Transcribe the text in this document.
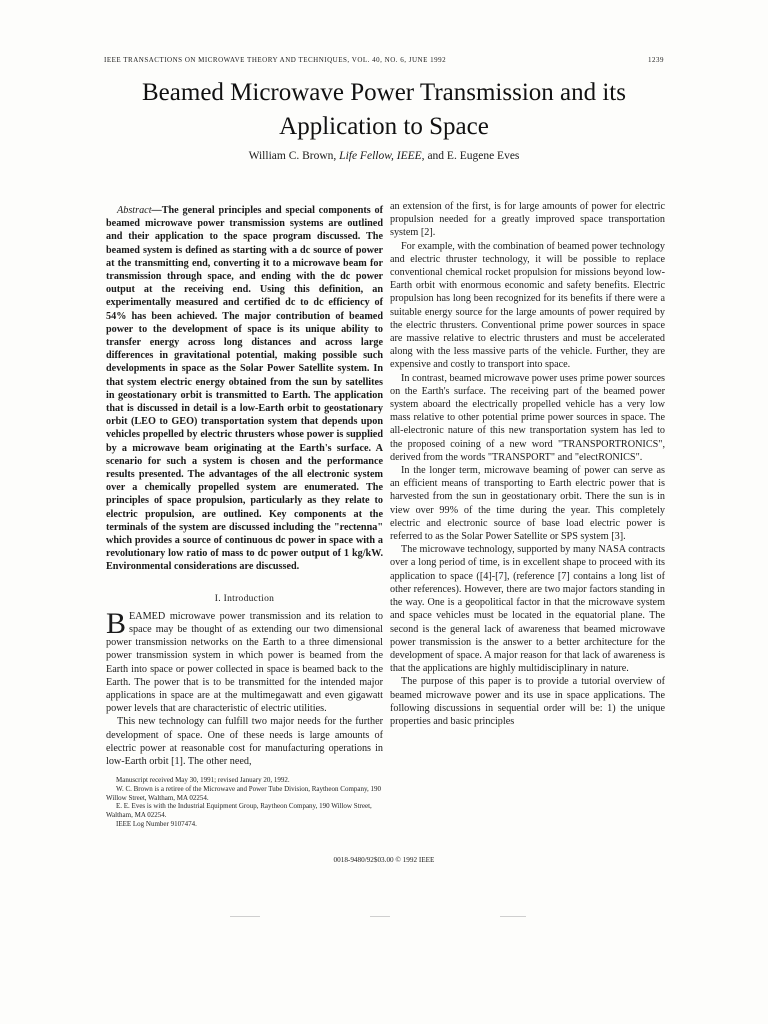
IEEE TRANSACTIONS ON MICROWAVE THEORY AND TECHNIQUES, VOL. 40, NO. 6, JUNE 1992	1239
Beamed Microwave Power Transmission and its
Application to Space
William C. Brown, Life Fellow, IEEE, and E. Eugene Eves

Abstract—The general principles and special components of beamed microwave power transmission systems are outlined and their application to the space program discussed. The beamed system is defined as starting with a dc source of power at the transmitting end, converting it to a microwave beam for transmission through space, and ending with the dc power output at the receiving end. Using this definition, an experimentally measured and certified dc to dc efficiency of 54% has been achieved. The major contribution of beamed power to the development of space is its unique ability to transfer energy across long distances and across large differences in gravitational potential, making possible such developments in space as the Solar Power Satellite system. In that system electric energy obtained from the sun by satellites in geostationary orbit is transmitted to Earth. The application that is discussed in detail is a low-Earth orbit to geostationary orbit (LEO to GEO) transportation system that depends upon vehicles propelled by electric thrusters whose power is supplied by a microwave beam originating at the Earth's surface. A scenario for such a system is chosen and the performance results presented. The advantages of the all electronic system over a chemically propelled system are enumerated. The principles of space propulsion, particularly as they relate to electric propulsion, are outlined. Key components at the terminals of the system are discussed including the "rectenna" which provides a source of continuous dc power in space with a revolutionary low ratio of mass to dc power output of 1 kg/kW. Environmental considerations are discussed.

I. Introduction

BEAMED microwave power transmission and its relation to space may be thought of as extending our two dimensional power transmission networks on the Earth to a three dimensional power transmission system in which power is beamed from the Earth into space or power collected in space is beamed back to the Earth. The power that is to be transmitted for the intended major applications in space are at the multimegawatt and even gigawatt power levels that are characteristic of electric utilities.

This new technology can fulfill two major needs for the further development of space. One of these needs is large amounts of electric power at reasonable cost for manufacturing operations in low-Earth orbit [1]. The other need,

Manuscript received May 30, 1991; revised January 20, 1992.

W. C. Brown is a retiree of the Microwave and Power Tube Division, Raytheon Company, 190 Willow Street, Waltham, MA 02254.

E. E. Eves is with the Industrial Equipment Group, Raytheon Company, 190 Willow Street, Waltham, MA 02254.

IEEE Log Number 9107474.

an extension of the first, is for large amounts of power for electric propulsion needed for a greatly improved space transportation system [2].

For example, with the combination of beamed power technology and electric thruster technology, it will be possible to replace conventional chemical rocket propulsion for missions beyond low-Earth orbit with enormous economic and safety benefits. Electric propulsion has long been recognized for its benefits if there were a suitable energy source for the large amounts of power required by the electric thrusters. Conventional prime power sources in space are massive relative to electric thrusters and must be accelerated along with the less massive parts of the vehicle. Further, they are expensive and costly to transport into space.

In contrast, beamed microwave power uses prime power sources on the Earth's surface. The receiving part of the beamed power system aboard the electrically propelled vehicle has a very low mass relative to other potential prime power sources in space. The all-electronic nature of this new transportation system has led to the proposed coining of a new word "TRANSPORTRONICS", derived from the words "TRANSPORT" and "electRONICS".

In the longer term, microwave beaming of power can serve as an efficient means of transporting to Earth electric power that is harvested from the sun in geostationary orbit. There the sun is in view over 99% of the time during the year. This completely electric and electronic source of base load electric power is referred to as the Solar Power Satellite or SPS system [3].

The microwave technology, supported by many NASA contracts over a long period of time, is in excellent shape to proceed with its application to space ([4]-[7], (reference [7] contains a long list of other references). However, there are two major factors standing in the way. One is a geopolitical factor in that the microwave system and space vehicles must be located in the equatorial plane. The second is the general lack of awareness that beamed microwave power transmission is the answer to a better architecture for the development of space. A major reason for that lack of awareness is that the applications are highly multidisciplinary in nature.

The purpose of this paper is to provide a tutorial overview of beamed microwave power and its use in space applications. The following discussions in sequential order will be: 1) the unique properties and basic principles

0018-9480/92$03.00 © 1992 IEEE
